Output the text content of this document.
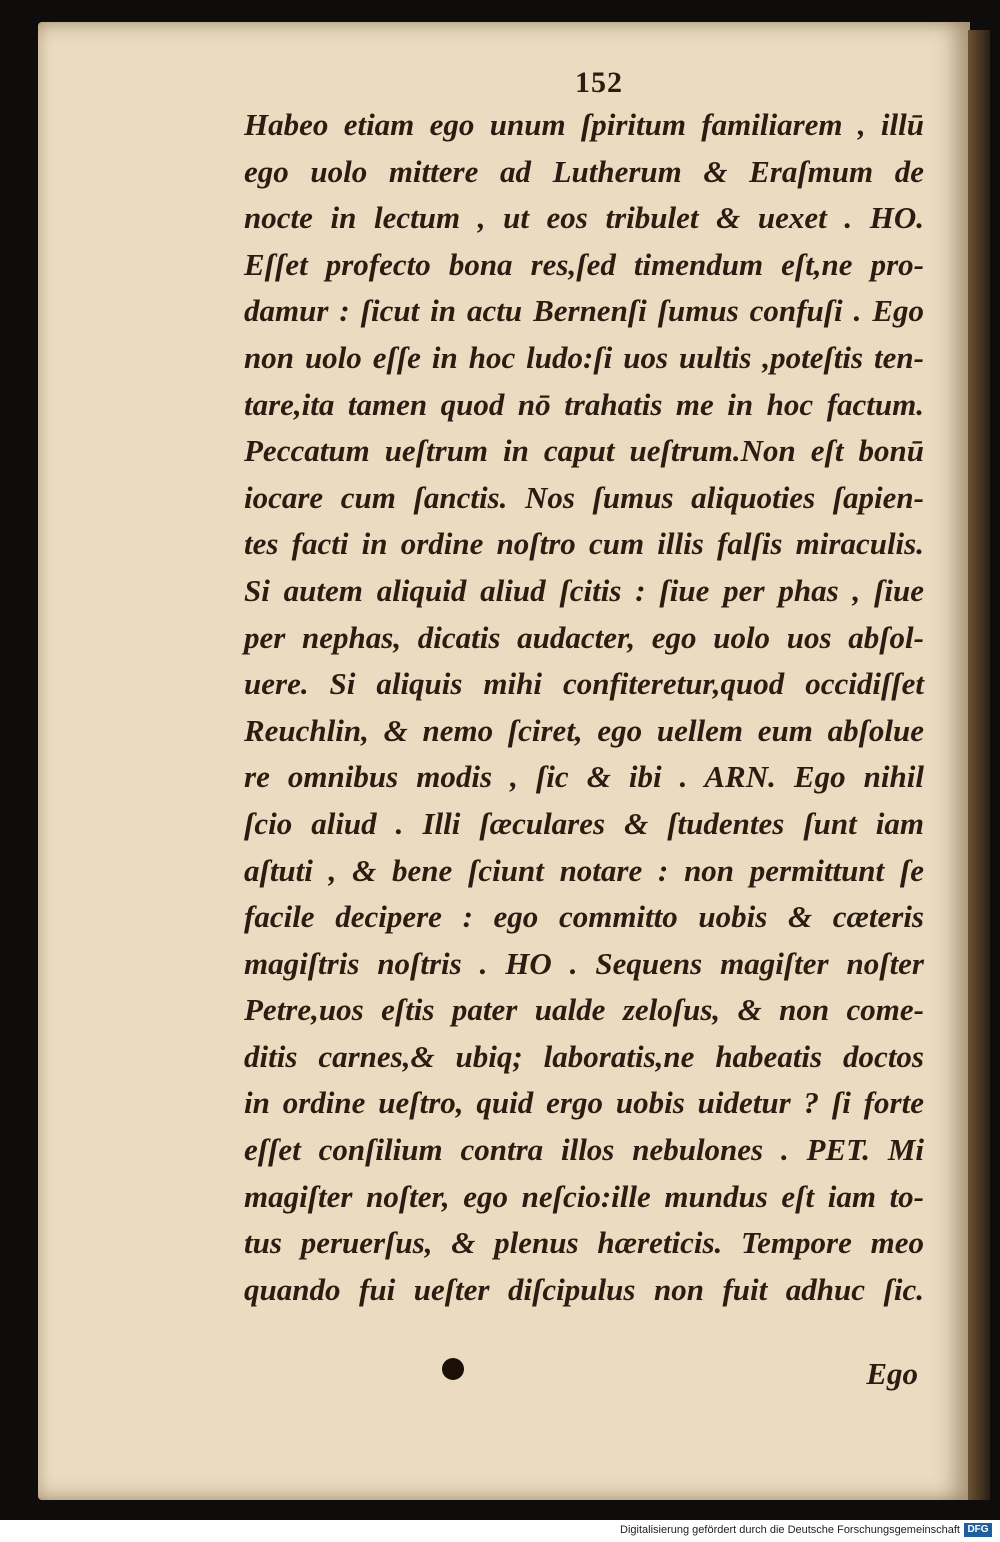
152
Habeo etiam ego unum ſpiritum familiarem , illū
ego uolo mittere ad Lutherum & Eraſmum de
nocte in lectum , ut eos tribulet & uexet . HO.
Eſſet profecto bona res,ſed timendum eſt,ne pro-
damur : ſicut in actu Bernenſi ſumus confuſi . Ego
non uolo eſſe in hoc ludo:ſi uos uultis ,poteſtis ten-
tare,ita tamen quod nō trahatis me in hoc factum.
Peccatum ueſtrum in caput ueſtrum.Non eſt bonū
iocare cum ſanctis. Nos ſumus aliquoties ſapien-
tes facti in ordine noſtro cum illis falſis miraculis.
Si autem aliquid aliud ſcitis : ſiue per phas , ſiue
per nephas, dicatis audacter, ego uolo uos abſol-
uere. Si aliquis mihi confiteretur,quod occidiſſet
Reuchlin, & nemo ſciret, ego uellem eum abſolue
re omnibus modis , ſic & ibi . ARN. Ego nihil
ſcio aliud . Illi ſæculares & ſtudentes ſunt iam
aſtuti , & bene ſciunt notare : non permittunt ſe
facile decipere : ego committo uobis & cæteris
magiſtris noſtris . HO . Sequens magiſter noſter
Petre,uos eſtis pater ualde zeloſus, & non come-
ditis carnes,& ubiq; laboratis,ne habeatis doctos
in ordine ueſtro, quid ergo uobis uidetur ? ſi forte
eſſet conſilium contra illos nebulones . PET. Mi
magiſter noſter, ego neſcio:ille mundus eſt iam to-
tus peruerſus, & plenus hæreticis. Tempore meo
quando fui ueſter diſcipulus non fuit adhuc ſic.
Ego
Digitalisierung gefördert durch die Deutsche Forschungsgemeinschaft DFG
